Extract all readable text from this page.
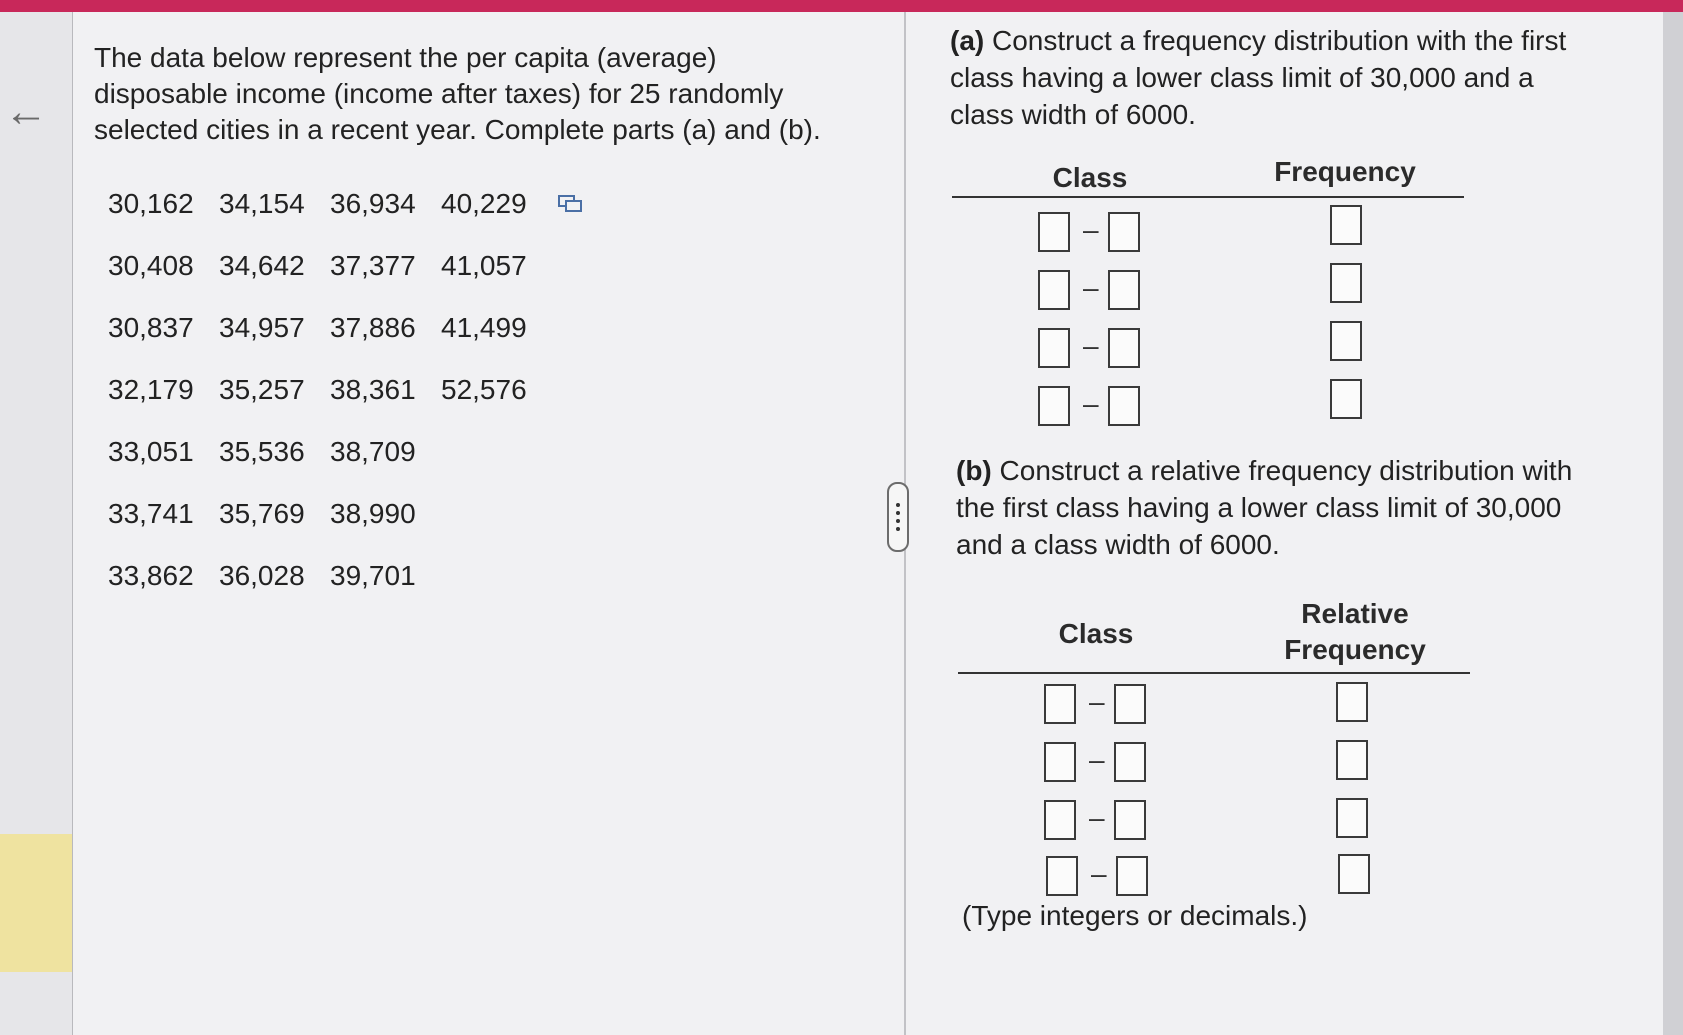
←
The data below represent the per capita (average)
disposable income (income after taxes) for 25 randomly
selected cities in a recent year. Complete parts (a) and (b).
30,162 34,154 36,934 40,229
30,408 34,642 37,377 41,057
30,837 34,957 37,886 41,499
32,179 35,257 38,361 52,576
33,051 35,536 38,709
33,741 35,769 38,990
33,862 36,028 39,701
(a) Construct a frequency distribution with the first
class having a lower class limit of 30,000 and a
class width of 6000.
Class	Frequency
–
–
–
–
(b) Construct a relative frequency distribution with
the first class having a lower class limit of 30,000
and a class width of 6000.
Class
Relative
Frequency
–
–
–
–
(Type integers or decimals.)
